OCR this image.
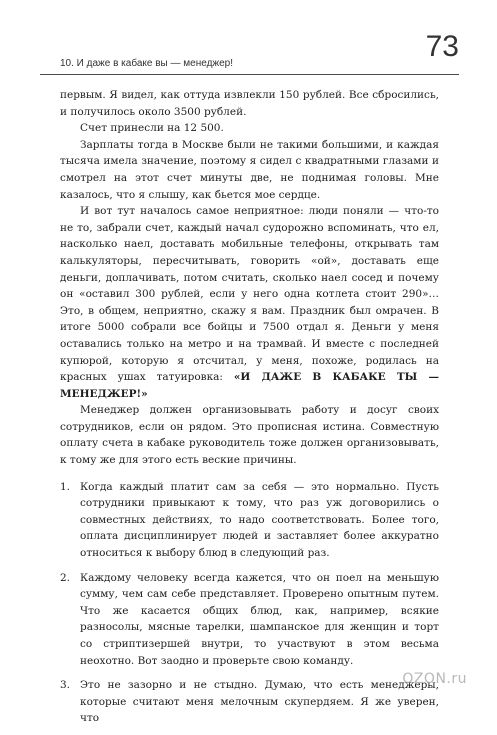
10. И даже в кабаке вы — менеджер!
73

первым. Я видел, как оттуда извлекли 150 рублей. Все сбросились, и получилось около 3500 рублей.

Счет принесли на 12 500.

Зарплаты тогда в Москве были не такими большими, и каждая тысяча имела значение, поэтому я сидел с квадратными глазами и смотрел на этот счет минуты две, не поднимая головы. Мне казалось, что я слышу, как бьется мое сердце.

И вот тут началось самое неприятное: люди поняли — что-то не то, забрали счет, каждый начал судорожно вспоминать, что ел, насколько наел, доставать мобильные телефоны, открывать там калькуляторы, пересчитывать, говорить «ой», доставать еще деньги, доплачивать, потом считать, сколько наел сосед и почему он «оставил 300 рублей, если у него одна котлета стоит 290»… Это, в общем, неприятно, скажу я вам. Праздник был омрачен. В итоге 5000 собрали все бойцы и 7500 отдал я. Деньги у меня оставались только на метро и на трамвай. И вместе с последней купюрой, которую я отсчитал, у меня, похоже, родилась на красных ушах татуировка: «И ДАЖЕ В КАБАКЕ ТЫ — МЕНЕДЖЕР!»

Менеджер должен организовывать работу и досуг своих сотрудников, если он рядом. Это прописная истина. Совместную оплату счета в кабаке руководитель тоже должен организовывать, к тому же для этого есть веские причины.

1. Когда каждый платит сам за себя — это нормально. Пусть сотрудники привыкают к тому, что раз уж договорились о совместных действиях, то надо соответствовать. Более того, оплата дисциплинирует людей и заставляет более аккуратно относиться к выбору блюд в следующий раз.
2. Каждому человеку всегда кажется, что он поел на меньшую сумму, чем сам себе представляет. Проверено опытным путем. Что же касается общих блюд, как, например, всякие разносолы, мясные тарелки, шампанское для женщин и торт со стриптизершей внутри, то участвуют в этом весьма неохотно. Вот заодно и проверьте свою команду.
3. Это не зазорно и не стыдно. Думаю, что есть менеджеры, которые считают меня мелочным скупердяем. Я же уверен, что
OZON.ru
